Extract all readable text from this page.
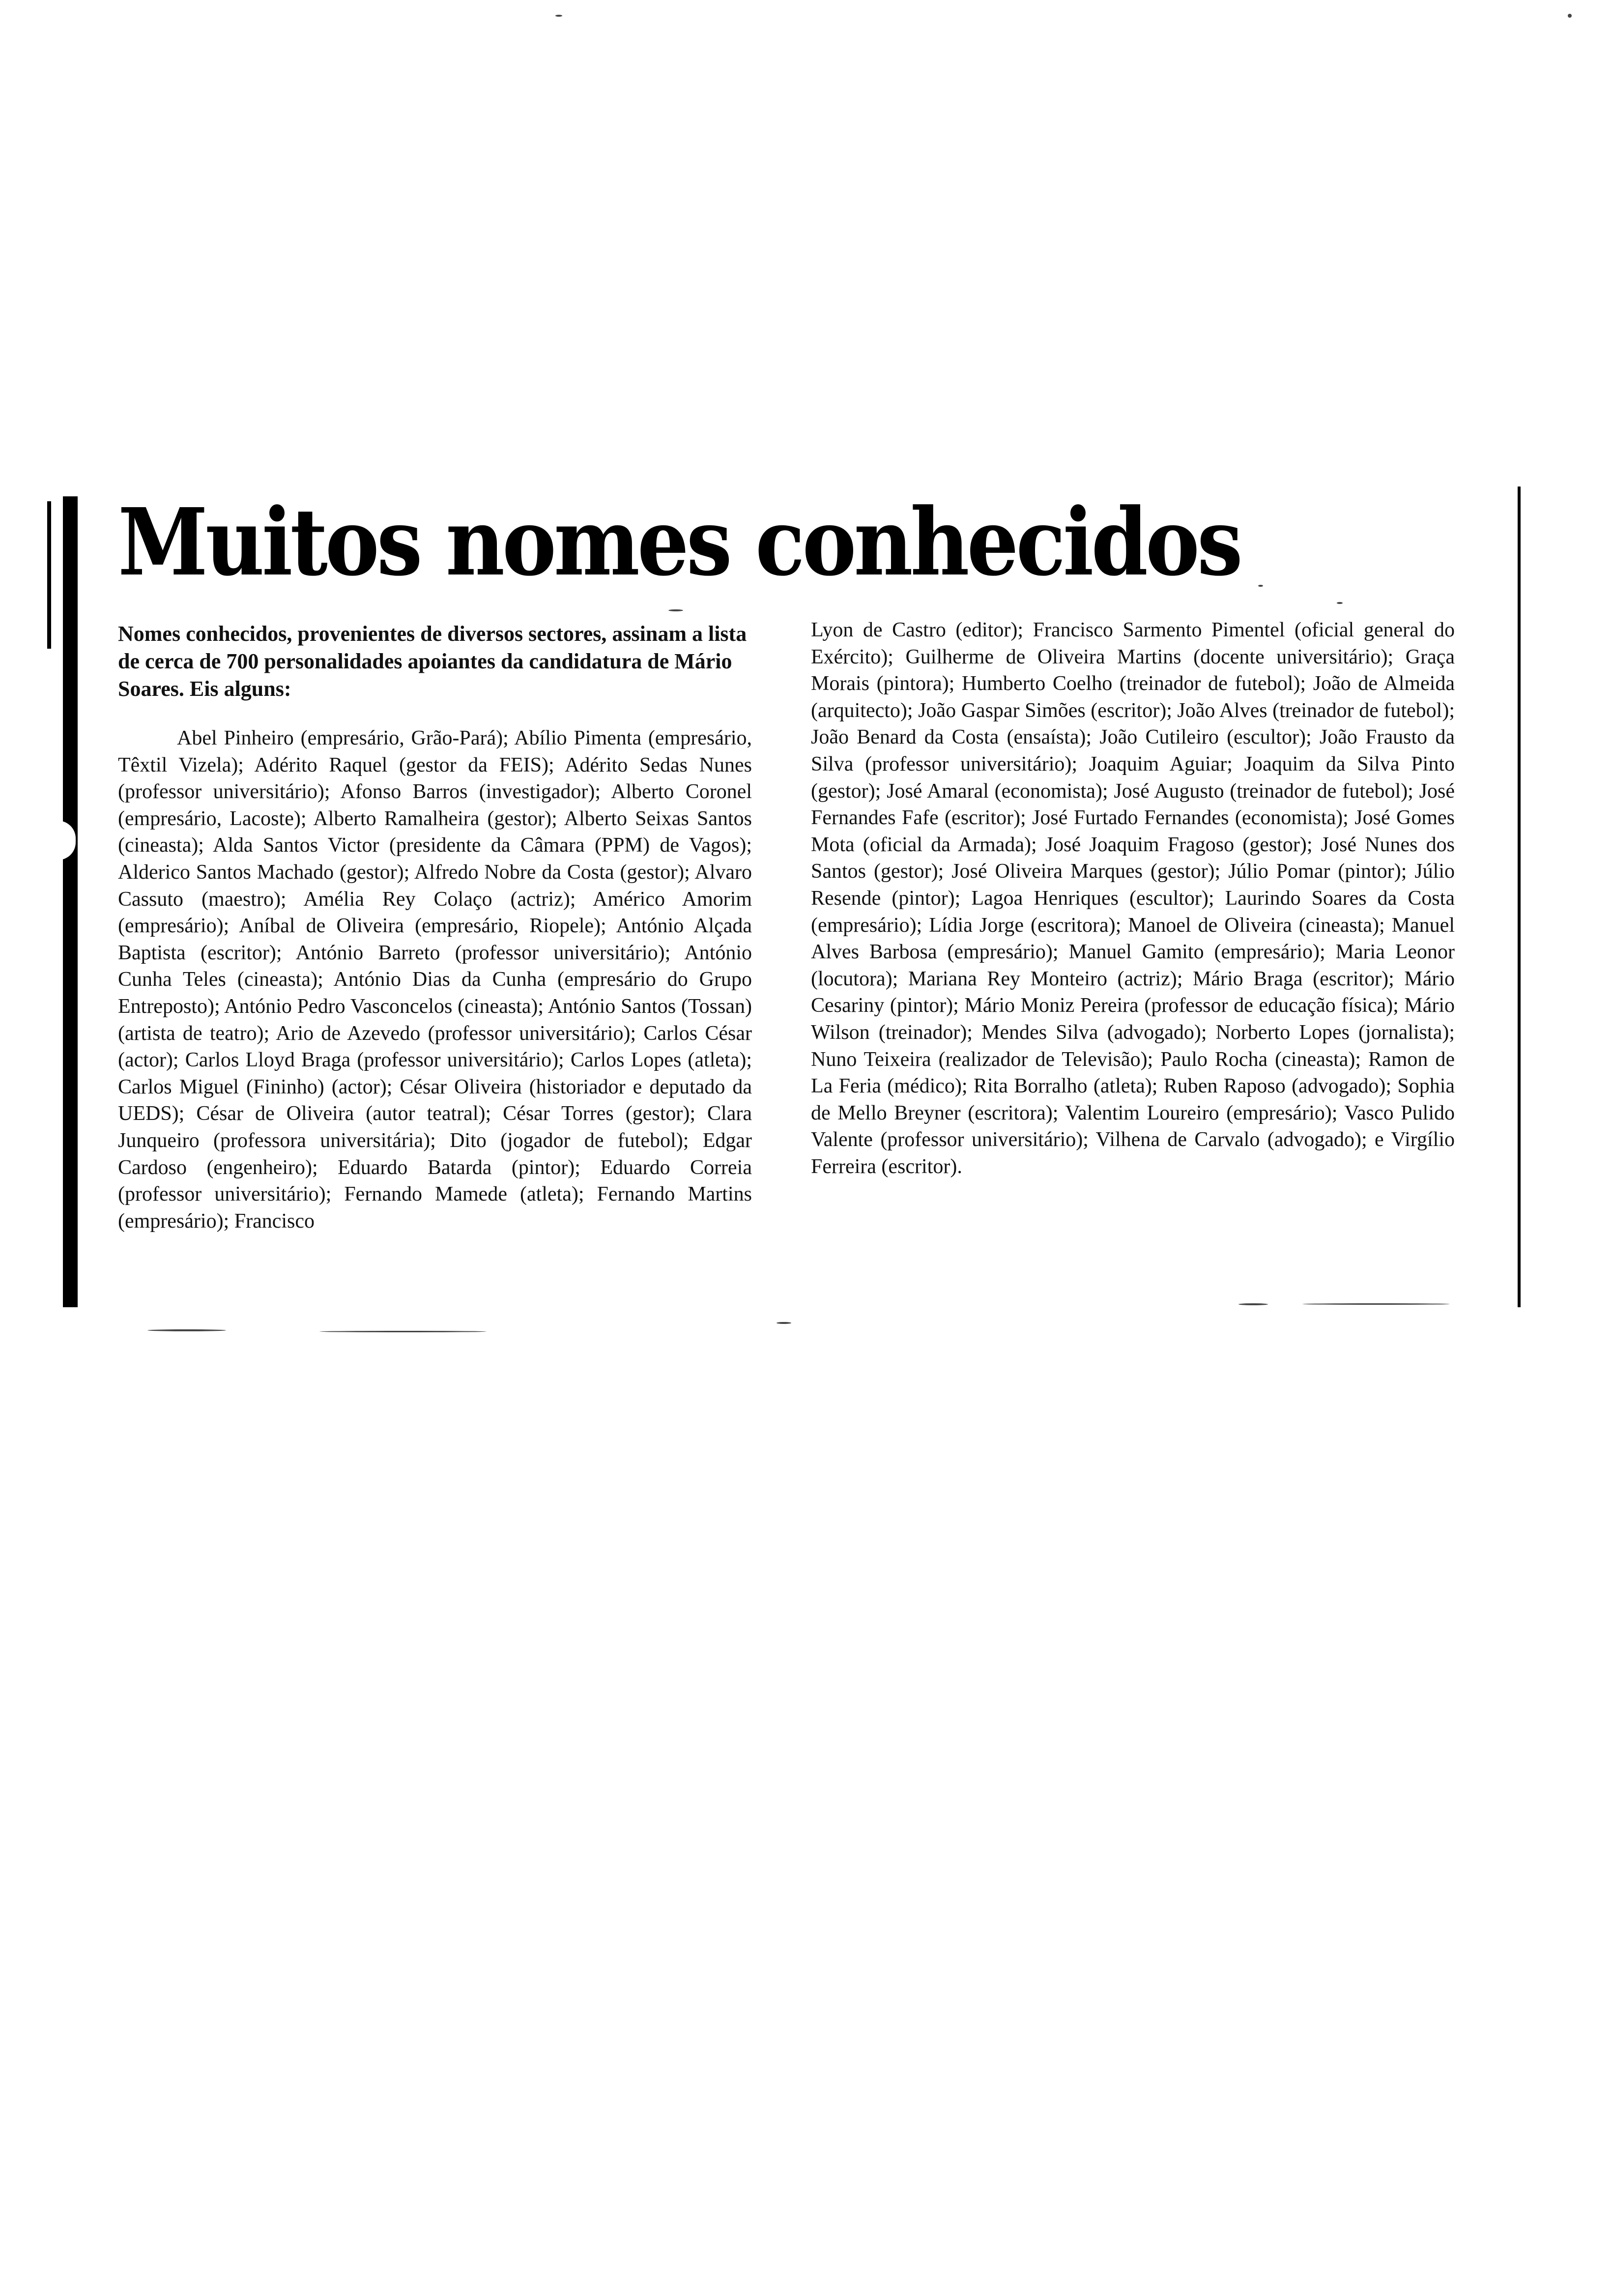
Muitos nomes conhecidos

Nomes conhecidos, provenientes de diversos sectores, assinam a lista de cerca de 700 personalidades apoiantes da candidatura de Mário Soares. Eis alguns:

Abel Pinheiro (empresário, Grão-Pará); Abílio Pimenta (empresário, Têxtil Vizela); Adérito Raquel (gestor da FEIS); Adérito Sedas Nunes (professor universitário); Afonso Barros (investigador); Alberto Coronel (empresário, Lacoste); Alberto Ramalheira (gestor); Alberto Seixas Santos (cineasta); Alda Santos Victor (presidente da Câmara (PPM) de Vagos); Alderico Santos Machado (gestor); Alfredo Nobre da Costa (gestor); Alvaro Cassuto (maestro); Amélia Rey Colaço (actriz); Américo Amorim (empresário); Aníbal de Oliveira (empresário, Riopele); António Alçada Baptista (escritor); António Barreto (professor universitário); António Cunha Teles (cineasta); António Dias da Cunha (empresário do Grupo Entreposto); António Pedro Vasconcelos (cineasta); António Santos (Tossan) (artista de teatro); Ario de Azevedo (professor universitário); Carlos César (actor); Carlos Lloyd Braga (professor universitário); Carlos Lopes (atleta); Carlos Miguel (Fininho) (actor); César Oliveira (historiador e deputado da UEDS); César de Oliveira (autor teatral); César Torres (gestor); Clara Junqueiro (professora universitária); Dito (jogador de futebol); Edgar Cardoso (engenheiro); Eduardo Batarda (pintor); Eduardo Correia (professor universitário); Fernando Mamede (atleta); Fernando Martins (empresário); Francisco

Lyon de Castro (editor); Francisco Sarmento Pimentel (oficial general do Exército); Guilherme de Oliveira Martins (docente universitário); Graça Morais (pintora); Humberto Coelho (treinador de futebol); João de Almeida (arquitecto); João Gaspar Simões (escritor); João Alves (treinador de futebol); João Benard da Costa (ensaísta); João Cutileiro (escultor); João Frausto da Silva (professor universitário); Joaquim Aguiar; Joaquim da Silva Pinto (gestor); José Amaral (economista); José Augusto (treinador de futebol); José Fernandes Fafe (escritor); José Furtado Fernandes (economista); José Gomes Mota (oficial da Armada); José Joaquim Fragoso (gestor); José Nunes dos Santos (gestor); José Oliveira Marques (gestor); Júlio Pomar (pintor); Júlio Resende (pintor); Lagoa Henriques (escultor); Laurindo Soares da Costa (empresário); Lídia Jorge (escritora); Manoel de Oliveira (cineasta); Manuel Alves Barbosa (empresário); Manuel Gamito (empresário); Maria Leonor (locutora); Mariana Rey Monteiro (actriz); Mário Braga (escritor); Mário Cesariny (pintor); Mário Moniz Pereira (professor de educação física); Mário Wilson (treinador); Mendes Silva (advogado); Norberto Lopes (jornalista); Nuno Teixeira (realizador de Televisão); Paulo Rocha (cineasta); Ramon de La Feria (médico); Rita Borralho (atleta); Ruben Raposo (advogado); Sophia de Mello Breyner (escritora); Valentim Loureiro (empresário); Vasco Pulido Valente (professor universitário); Vilhena de Carvalo (advogado); e Virgílio Ferreira (escritor).
